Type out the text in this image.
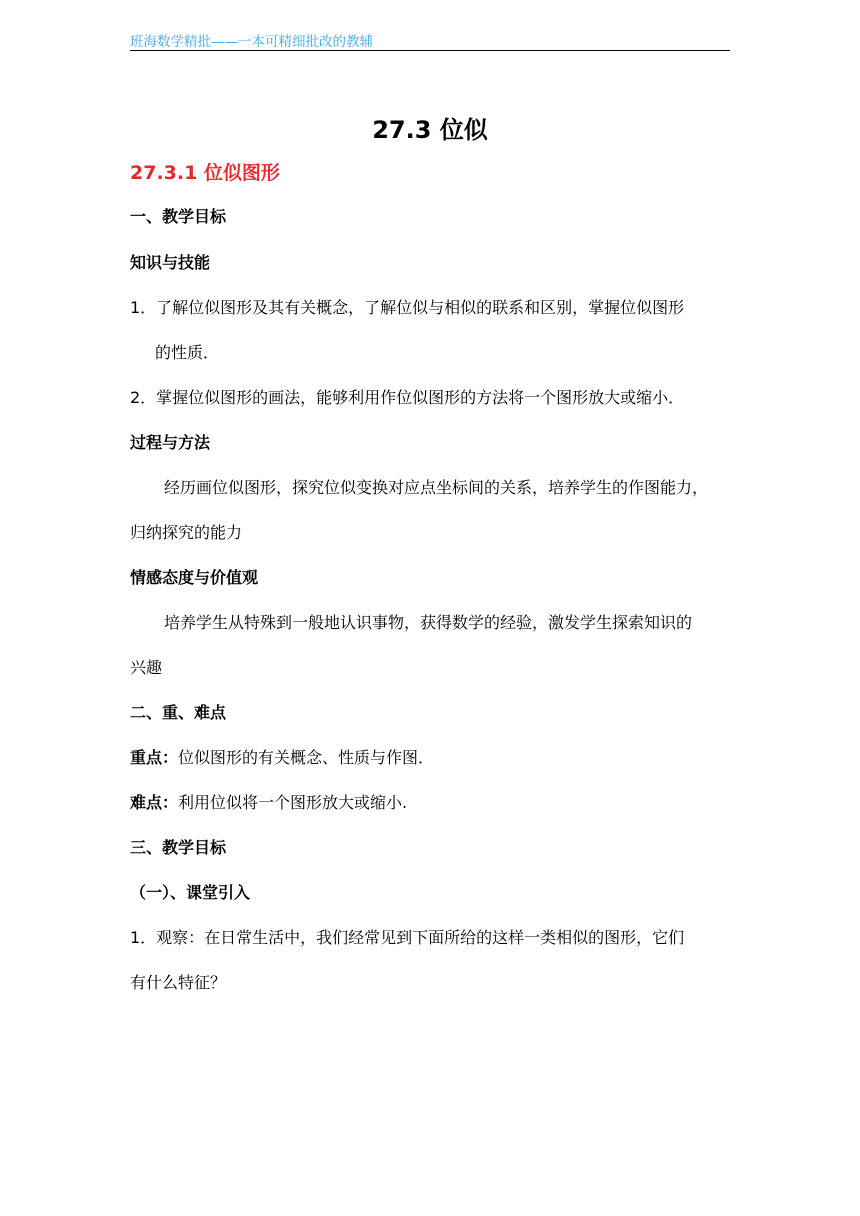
班海数学精批——一本可精细批改的教辅
27.3 位似
27.3.1 位似图形
一、教学目标
知识与技能
1．了解位似图形及其有关概念，了解位似与相似的联系和区别，掌握位似图形
的性质．
2．掌握位似图形的画法，能够利用作位似图形的方法将一个图形放大或缩小．
过程与方法
经历画位似图形，探究位似变换对应点坐标间的关系，培养学生的作图能力，
归纳探究的能力
情感态度与价值观
培养学生从特殊到一般地认识事物，获得数学的经验，激发学生探索知识的
兴趣
二、重、难点
重点：位似图形的有关概念、性质与作图．
难点：利用位似将一个图形放大或缩小.
三、教学目标
（一）、课堂引入
1．观察：在日常生活中，我们经常见到下面所给的这样一类相似的图形，它们
有什么特征？
